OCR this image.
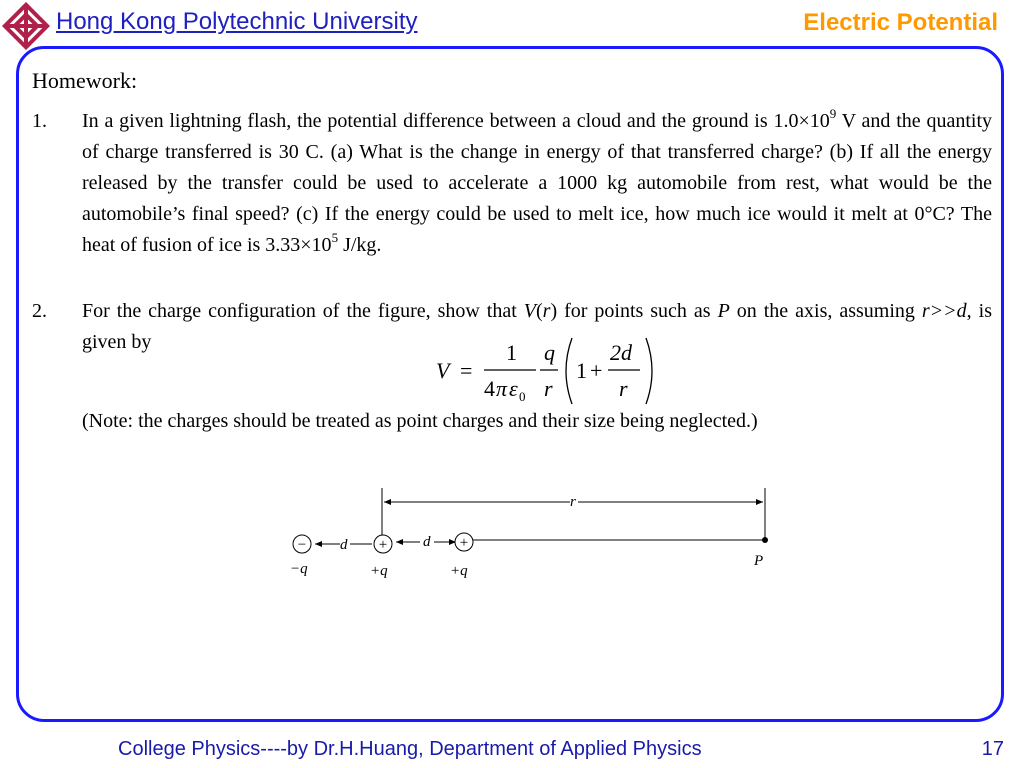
Hong Kong Polytechnic University	Electric Potential
Homework:
1. In a given lightning flash, the potential difference between a cloud and the ground is $1.0\times 10^9$ V and the quantity of charge transferred is 30 C. (a) What is the change in energy of that transferred charge? (b) If all the energy released by the transfer could be used to accelerate a 1000 kg automobile from rest, what would be the automobile’s final speed? (c) If the energy could be used to melt ice, how much ice would it melt at 0°C? The heat of fusion of ice is $3.33\times 10^5$ J/kg.
2. For the charge configuration of the figure, show that V(r) for points such as P on the axis, assuming r>>d, is given by
V =
1
4 π ε 0
q
r
1 +
2d
r
(Note: the charges should be treated as point charges and their size being neglected.)
r
d	d
−	+	+
−q	+q	+q
P
College Physics----by Dr.H.Huang, Department of Applied Physics	17
